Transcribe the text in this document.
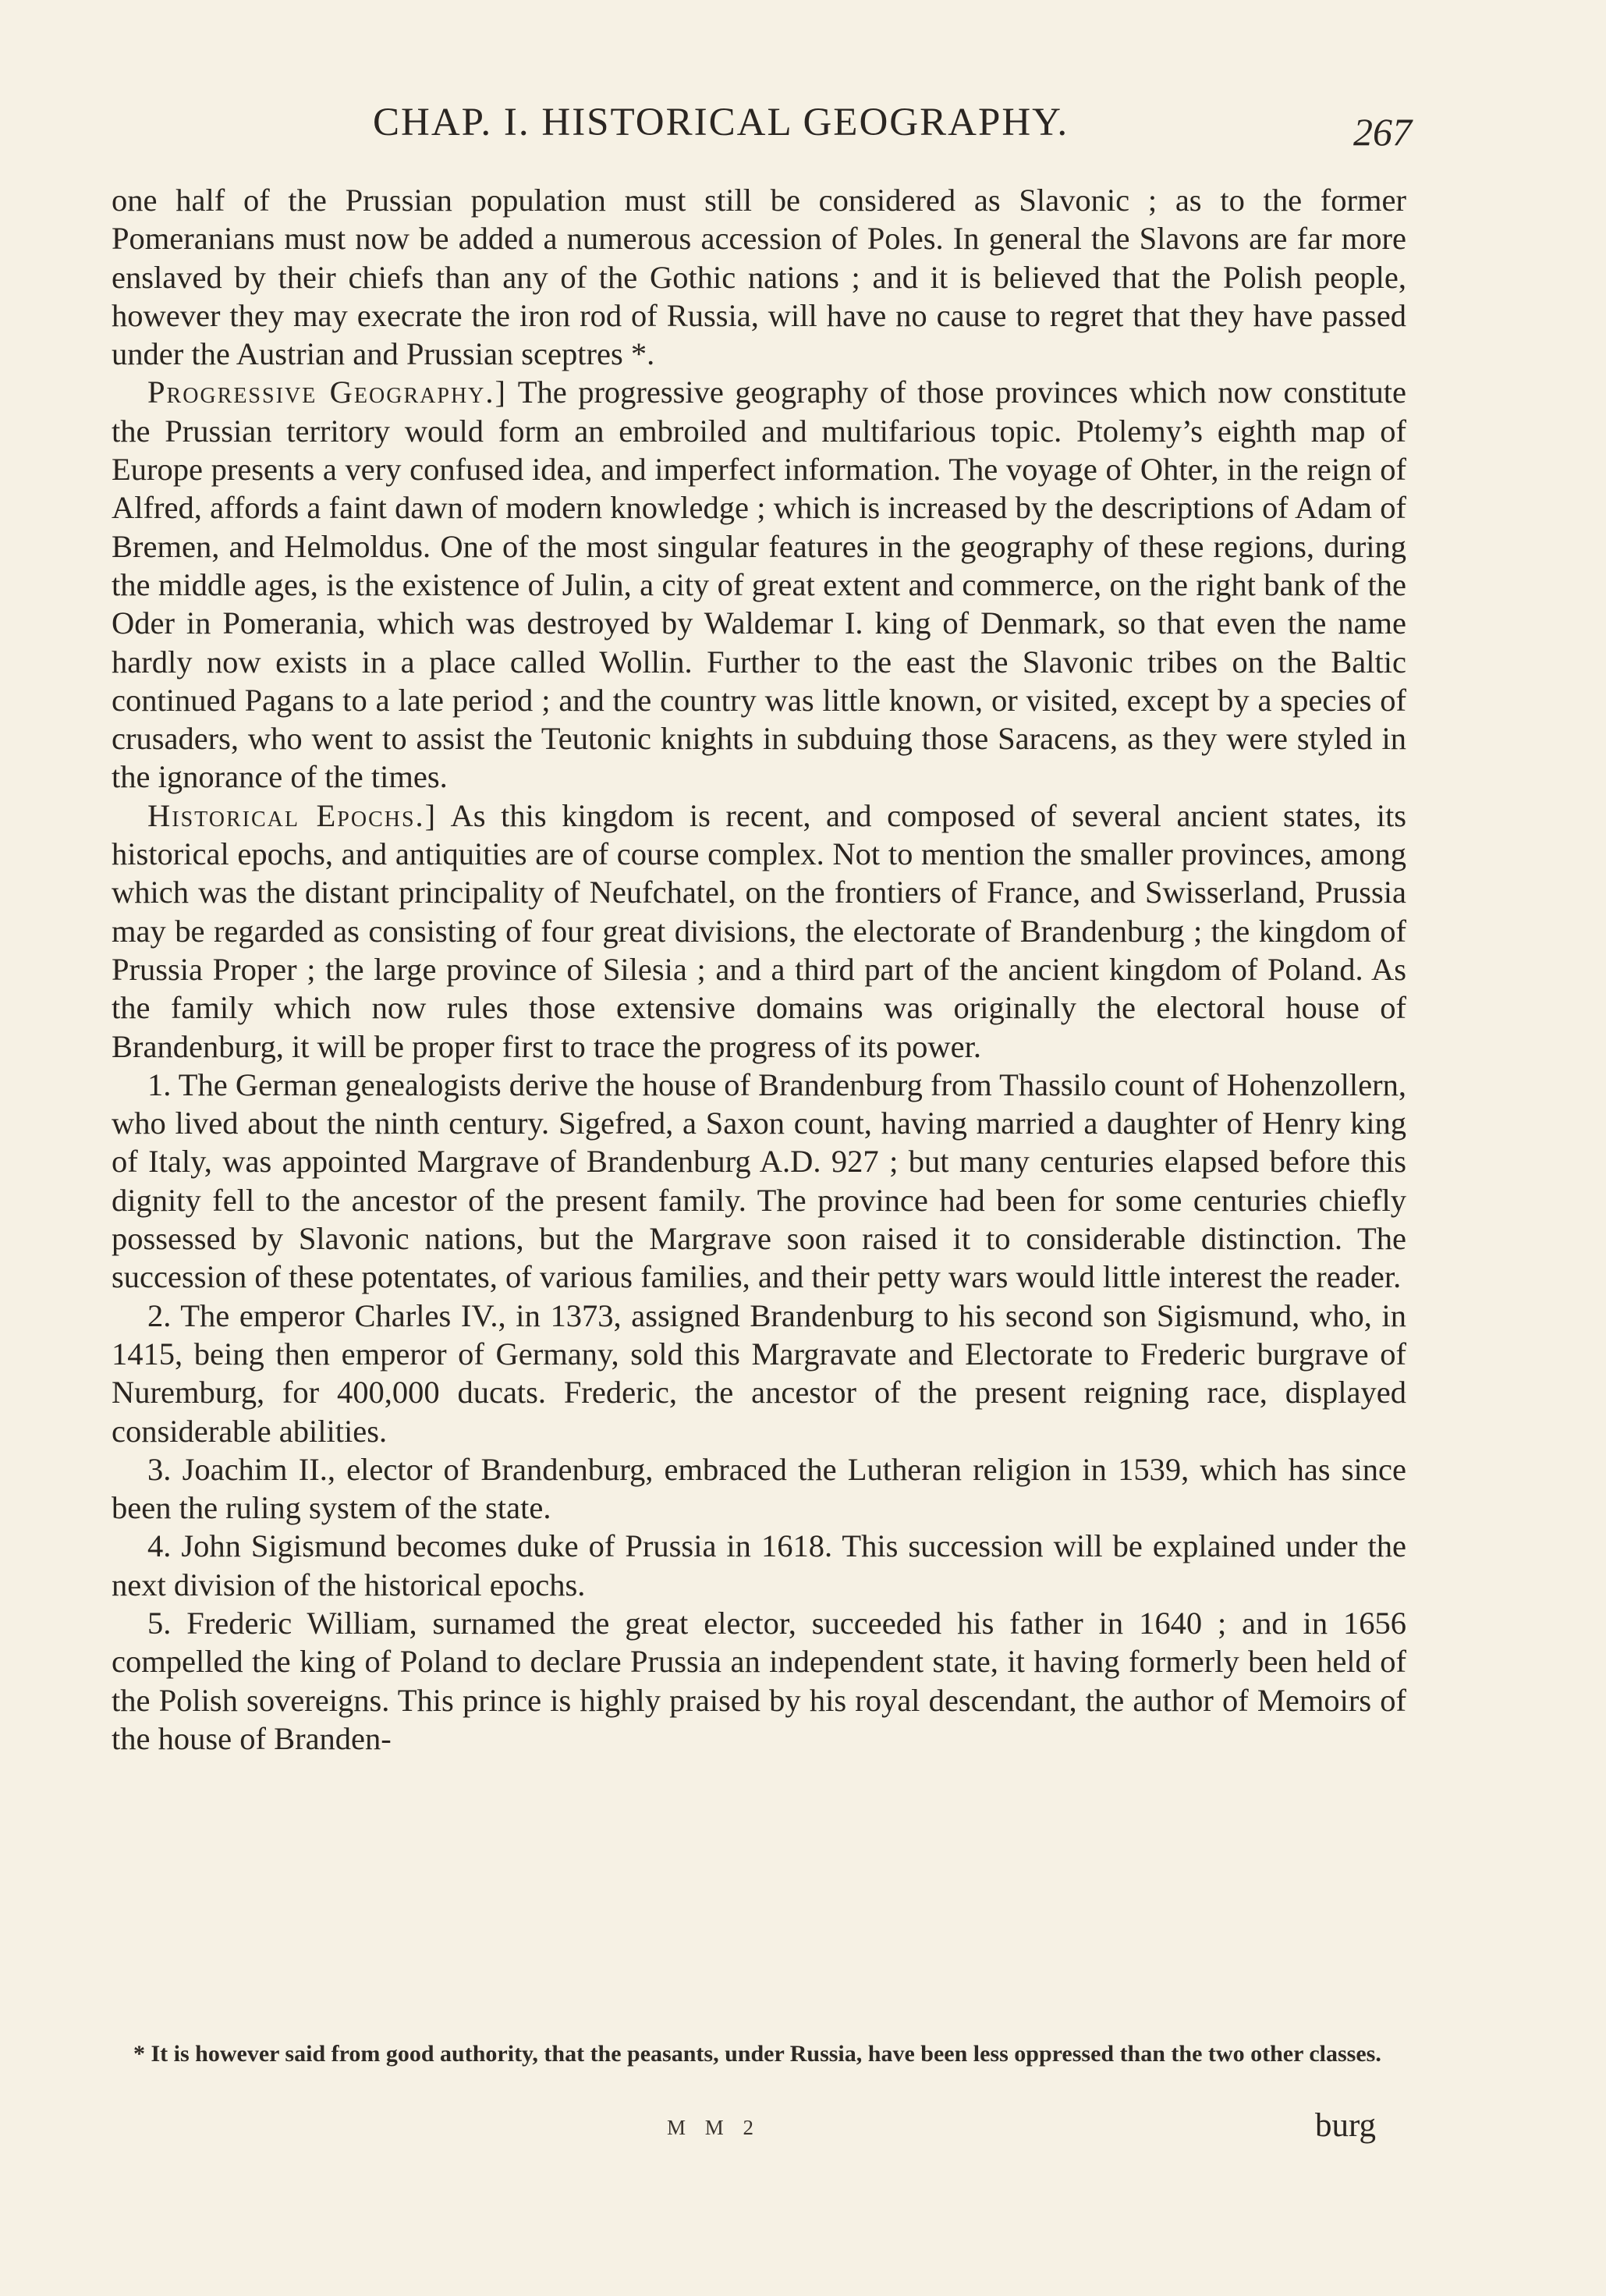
CHAP. I. HISTORICAL GEOGRAPHY.	267

one half of the Prussian population must still be considered as Slavonic ; as to the former Pomeranians must now be added a numerous accession of Poles. In general the Slavons are far more enslaved by their chiefs than any of the Gothic nations ; and it is believed that the Polish people, however they may execrate the iron rod of Russia, will have no cause to regret that they have passed under the Austrian and Prussian sceptres *.

Progressive Geography.] The progressive geography of those provinces which now constitute the Prussian territory would form an embroiled and multifarious topic. Ptolemy’s eighth map of Europe presents a very confused idea, and imperfect information. The voyage of Ohter, in the reign of Alfred, affords a faint dawn of modern knowledge ; which is increased by the descriptions of Adam of Bremen, and Helmoldus. One of the most singular features in the geography of these regions, during the middle ages, is the existence of Julin, a city of great extent and commerce, on the right bank of the Oder in Pomerania, which was destroyed by Waldemar I. king of Denmark, so that even the name hardly now exists in a place called Wollin. Further to the east the Slavonic tribes on the Baltic continued Pagans to a late period ; and the country was little known, or visited, except by a species of crusaders, who went to assist the Teutonic knights in subduing those Saracens, as they were styled in the ignorance of the times.

Historical Epochs.] As this kingdom is recent, and composed of several ancient states, its historical epochs, and antiquities are of course complex. Not to mention the smaller provinces, among which was the distant principality of Neufchatel, on the frontiers of France, and Swisserland, Prussia may be regarded as consisting of four great divisions, the electorate of Brandenburg ; the kingdom of Prussia Proper ; the large province of Silesia ; and a third part of the ancient kingdom of Poland. As the family which now rules those extensive domains was originally the electoral house of Brandenburg, it will be proper first to trace the progress of its power.

1. The German genealogists derive the house of Brandenburg from Thassilo count of Hohenzollern, who lived about the ninth century. Sigefred, a Saxon count, having married a daughter of Henry king of Italy, was appointed Margrave of Brandenburg A.D. 927 ; but many centuries elapsed before this dignity fell to the ancestor of the present family. The province had been for some centuries chiefly possessed by Slavonic nations, but the Margrave soon raised it to considerable distinction. The succession of these potentates, of various families, and their petty wars would little interest the reader.

2. The emperor Charles IV., in 1373, assigned Brandenburg to his second son Sigismund, who, in 1415, being then emperor of Germany, sold this Margravate and Electorate to Frederic burgrave of Nuremburg, for 400,000 ducats. Frederic, the ancestor of the present reigning race, displayed considerable abilities.

3. Joachim II., elector of Brandenburg, embraced the Lutheran religion in 1539, which has since been the ruling system of the state.

4. John Sigismund becomes duke of Prussia in 1618. This succession will be explained under the next division of the historical epochs.

5. Frederic William, surnamed the great elector, succeeded his father in 1640 ; and in 1656 compelled the king of Poland to declare Prussia an independent state, it having formerly been held of the Polish sovereigns. This prince is highly praised by his royal descendant, the author of Memoirs of the house of Branden-

* It is however said from good authority, that the peasants, under Russia, have been less oppressed than the two other classes.

M M 2	burg
